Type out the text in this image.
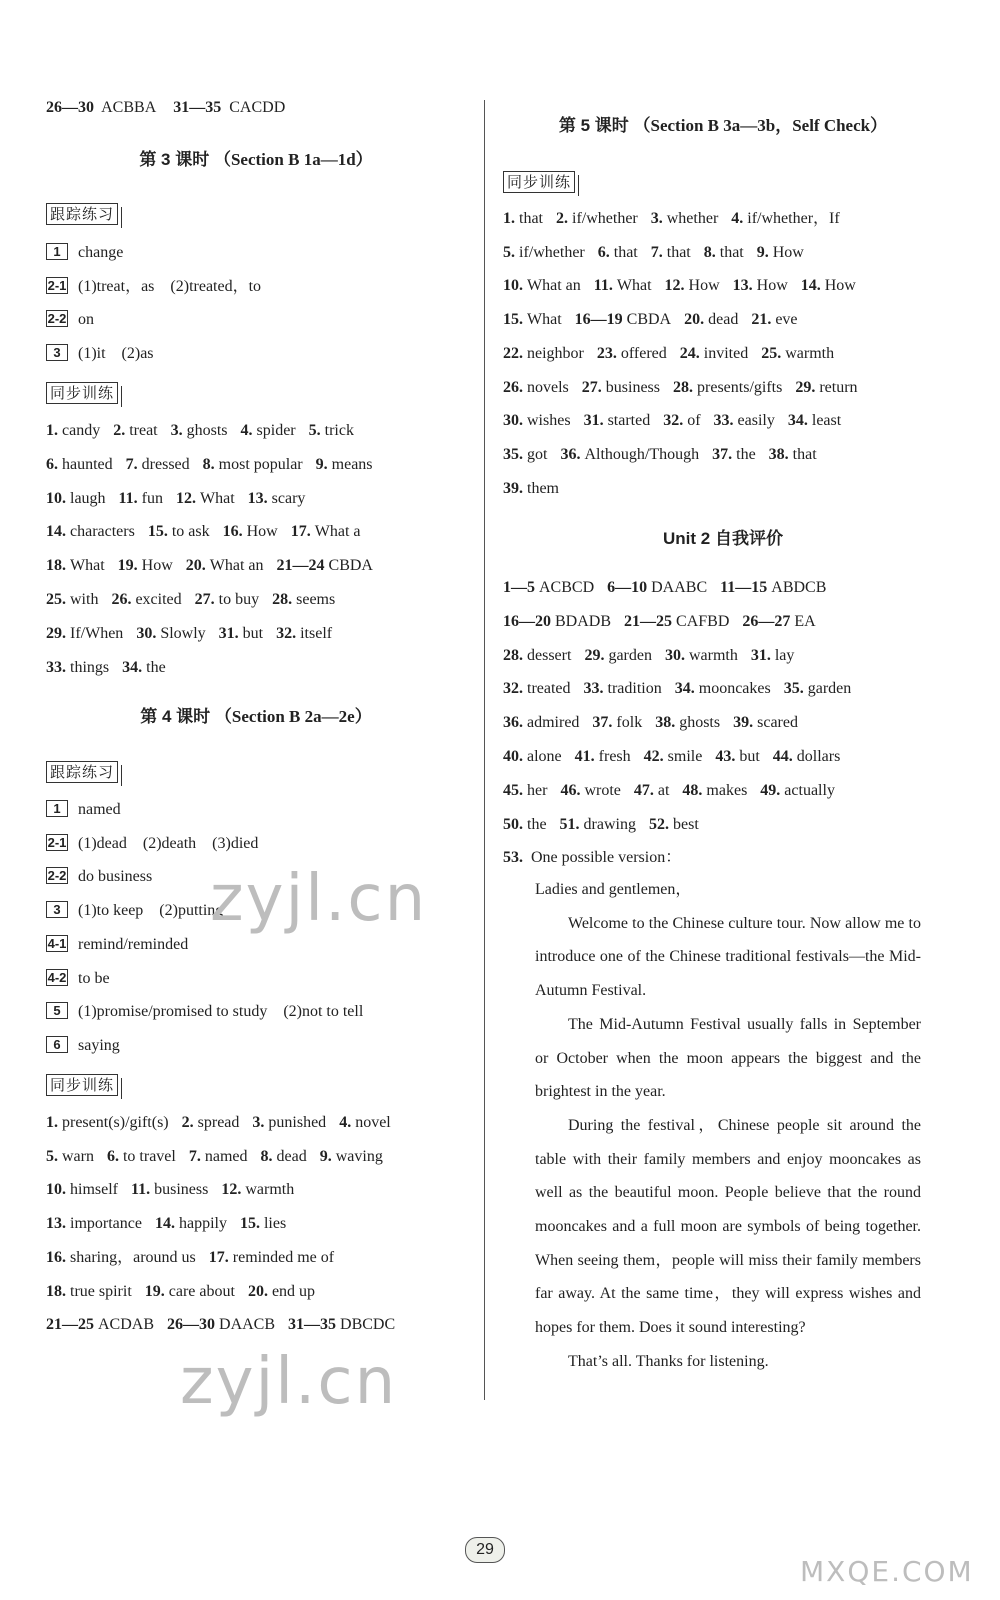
26—30 ACBBA 31—35 CACDD
第 3 课时 （Section B 1a—1d）
跟踪练习
1 change
2-1 (1)treat，as　(2)treated，to
2-2 on
3 (1)it　(2)as
同步训练
1. candy 2. treat 3. ghosts 4. spider 5. trick
6. haunted 7. dressed 8. most popular 9. means
10. laugh 11. fun 12. What 13. scary
14. characters 15. to ask 16. How 17. What a
18. What 19. How 20. What an 21—24 CBDA
25. with 26. excited 27. to buy 28. seems
29. If/When 30. Slowly 31. but 32. itself
33. things 34. the
第 4 课时 （Section B 2a—2e）
跟踪练习
1 named
2-1 (1)dead　(2)death　(3)died
2-2 do business
3 (1)to keep　(2)putting
4-1 remind/reminded
4-2 to be
5 (1)promise/promised to study　(2)not to tell
6 saying
同步训练
1. present(s)/gift(s) 2. spread 3. punished 4. novel
5. warn 6. to travel 7. named 8. dead 9. waving
10. himself 11. business 12. warmth
13. importance 14. happily 15. lies
16. sharing，around us 17. reminded me of
18. true spirit 19. care about 20. end up
21—25 ACDAB 26—30 DAACB 31—35 DBCDC
第 5 课时 （Section B 3a—3b，Self Check）
同步训练
1. that 2. if/whether 3. whether 4. if/whether，If
5. if/whether 6. that 7. that 8. that 9. How
10. What an 11. What 12. How 13. How 14. How
15. What 16—19 CBDA 20. dead 21. eve
22. neighbor 23. offered 24. invited 25. warmth
26. novels 27. business 28. presents/gifts 29. return
30. wishes 31. started 32. of 33. easily 34. least
35. got 36. Although/Though 37. the 38. that
39. them
Unit 2 自我评价
1—5 ACBCD 6—10 DAABC 11—15 ABDCB
16—20 BDADB 21—25 CAFBD 26—27 EA
28. dessert 29. garden 30. warmth 31. lay
32. treated 33. tradition 34. mooncakes 35. garden
36. admired 37. folk 38. ghosts 39. scared
40. alone 41. fresh 42. smile 43. but 44. dollars
45. her 46. wrote 47. at 48. makes 49. actually
50. the 51. drawing 52. best
53. One possible version：

Ladies and gentlemen，

Welcome to the Chinese culture tour. Now allow me to introduce one of the Chinese traditional festivals—the Mid-Autumn Festival.

The Mid-Autumn Festival usually falls in September or October when the moon appears the biggest and the brightest in the year.

During the festival，Chinese people sit around the table with their family members and enjoy mooncakes as well as the beautiful moon. People believe that the round mooncakes and a full moon are symbols of being together. When seeing them，people will miss their family members far away. At the same time，they will express wishes and hopes for them. Does it sound interesting?

That’s all. Thanks for listening.

29
zyjl.cn
zyjl.cn
MXQE.COM
